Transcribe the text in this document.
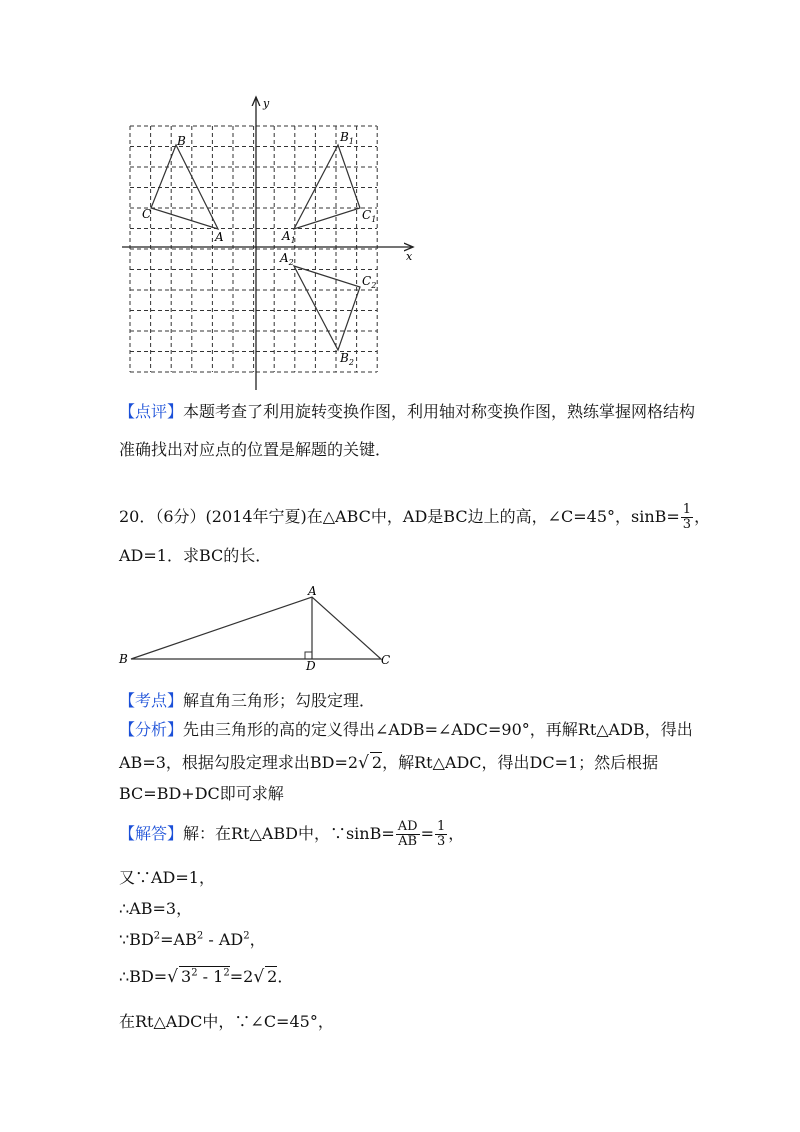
x
y
B
C
A
$B_1$
$C_1$
$A_1$
$A_2$
$C_2$
$B_2$
【点评】本题考查了利用旋转变换作图，利用轴对称变换作图，熟练掌握网格结构
准确找出对应点的位置是解题的关键．
20．（6分）(2014年宁夏)在△ABC中，AD是BC边上的高，∠C=45°，$\sin B= \frac{1}{3}$ ，
AD=1．求BC的长．
A
B	C
D
【考点】解直角三角形；勾股定理．
【分析】先由三角形的高的定义得出∠ADB=∠ADC=90°，再解Rt△ADB，得出
AB=3，根据勾股定理求出BD=2√ 2，解Rt△ADC，得出DC=1；然后根据
BC=BD+DC即可求解
【解答】解：在Rt△ABD中，∵sinB= $\frac{AD}{AB} = \frac{1}{3}$ ，
又∵AD=1，
∴AB=3，
$\because BD^2=AB^2 - AD^2$，
∴BD=√ $3^2 - 1^2=2√$ 2．
在Rt△ADC中，∵∠C=45°，
